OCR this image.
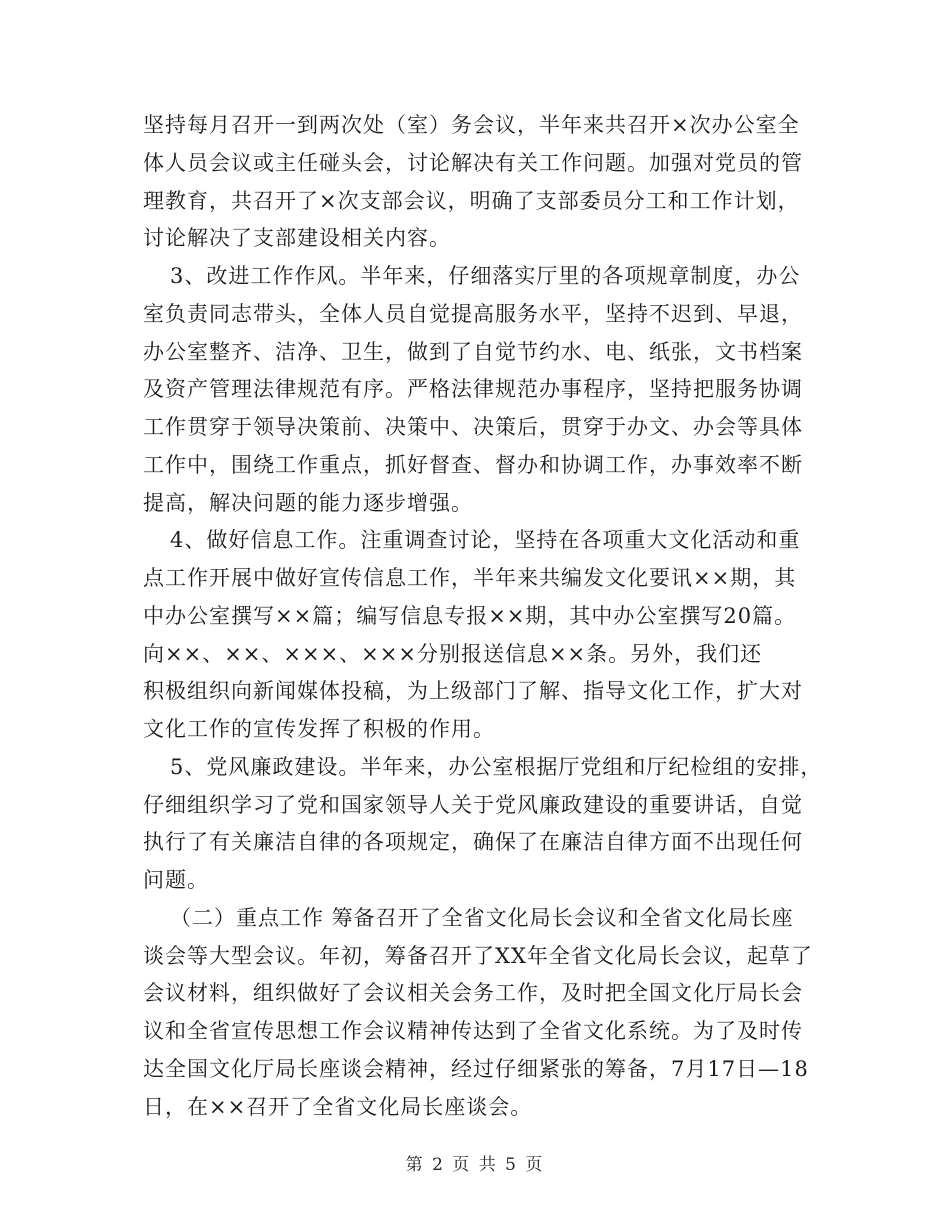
坚持每月召开一到两次处（室）务会议，半年来共召开×次办公室全
体人员会议或主任碰头会，讨论解决有关工作问题。加强对党员的管
理教育，共召开了×次支部会议，明确了支部委员分工和工作计划，
讨论解决了支部建设相关内容。
3、改进工作作风。半年来，仔细落实厅里的各项规章制度，办公
室负责同志带头，全体人员自觉提高服务水平，坚持不迟到、早退，
办公室整齐、洁净、卫生，做到了自觉节约水、电、纸张，文书档案
及资产管理法律规范有序。严格法律规范办事程序，坚持把服务协调
工作贯穿于领导决策前、决策中、决策后，贯穿于办文、办会等具体
工作中，围绕工作重点，抓好督查、督办和协调工作，办事效率不断
提高，解决问题的能力逐步增强。
4、做好信息工作。注重调查讨论，坚持在各项重大文化活动和重
点工作开展中做好宣传信息工作，半年来共编发文化要讯××期，其
中办公室撰写××篇；编写信息专报××期，其中办公室撰写20篇。
向××、××、×××、×××分别报送信息××条。另外，我们还
积极组织向新闻媒体投稿，为上级部门了解、指导文化工作，扩大对
文化工作的宣传发挥了积极的作用。
5、党风廉政建设。半年来，办公室根据厅党组和厅纪检组的安排，
仔细组织学习了党和国家领导人关于党风廉政建设的重要讲话，自觉
执行了有关廉洁自律的各项规定，确保了在廉洁自律方面不出现任何
问题。
（二）重点工作 筹备召开了全省文化局长会议和全省文化局长座
谈会等大型会议。年初，筹备召开了XX年全省文化局长会议，起草了
会议材料，组织做好了会议相关会务工作，及时把全国文化厅局长会
议和全省宣传思想工作会议精神传达到了全省文化系统。为了及时传
达全国文化厅局长座谈会精神，经过仔细紧张的筹备，7月17日—18
日，在××召开了全省文化局长座谈会。
第 2 页 共 5 页
